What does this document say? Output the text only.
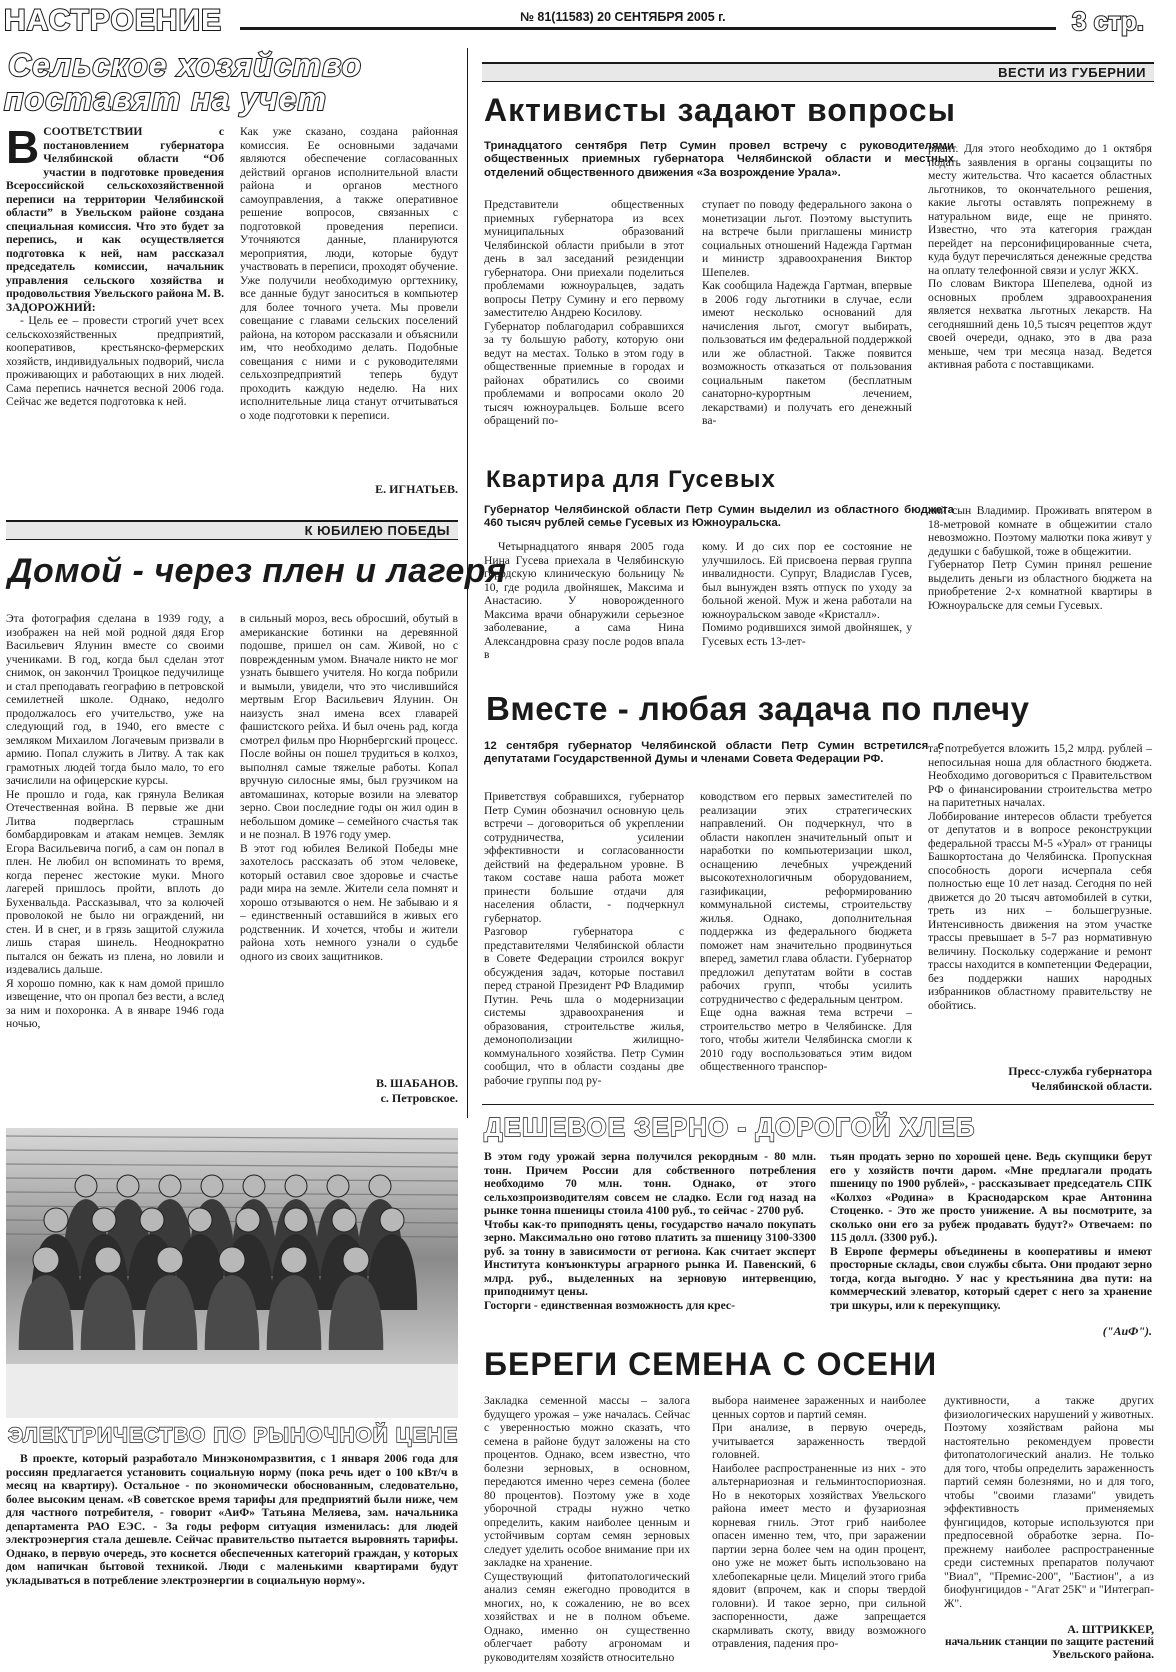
НАСТРОЕНИЕ	№ 81(11583) 20 СЕНТЯБРЯ 2005 г.	3 стр.
Сельское хозяйство
поставят на учет
В СООТВЕТСТВИИ с постановлением губернатора Челябинской области “Об участии в подготовке проведения Всероссийской сельскохозяйственной переписи на территории Челябинской области” в Увельском районе создана специальная комиссия. Что это будет за перепись, и как осуществляется подготовка к ней, нам рассказал председатель комиссии, начальник управления сельского хозяйства и продовольствия Увельского района М. В. ЗАДОРОЖНИЙ:

- Цель ее – провести строгий учет всех сельскохозяйственных предприятий, кооперативов, крестьянско-фермерских хозяйств, индивидуальных подворий, числа проживающих и работающих в них людей. Сама перепись начнется весной 2006 года. Сейчас же ведется подготовка к ней.

Как уже сказано, создана районная комиссия. Ее основными задачами являются обеспечение согласованных действий органов исполнительной власти района и органов местного самоуправления, а также оперативное решение вопросов, связанных с подготовкой проведения переписи. Уточняются данные, планируются мероприятия, люди, которые будут участвовать в переписи, проходят обучение. Уже получили необходимую оргтехнику, все данные будут заноситься в компьютер для более точного учета. Мы провели совещание с главами сельских поселений района, на котором рассказали и объяснили им, что необходимо делать. Подобные совещания с ними и с руководителями сельхозпредприятий теперь будут проходить каждую неделю. На них исполнительные лица станут отчитываться о ходе подготовки к переписи.
Е. ИГНАТЬЕВ.
ВЕСТИ ИЗ ГУБЕРНИИ
Активисты задают вопросы
Тринадцатого сентября Петр Сумин провел встречу с руководителями общественных приемных губернатора Челябинской области и местных отделений общественного движения «За возрождение Урала».
Представители общественных приемных губернатора из всех муниципальных образований Челябинской области прибыли в этот день в зал заседаний резиденции губернатора. Они приехали поделиться проблемами южноуральцев, задать вопросы Петру Сумину и его первому заместителю Андрею Косилову.
Губернатор поблагодарил собравшихся за ту большую работу, которую они ведут на местах. Только в этом году в общественные приемные в городах и районах обратились со своими проблемами и вопросами около 20 тысяч южноуральцев. Больше всего обращений по-
ступает по поводу федерального закона о монетизации льгот. Поэтому выступить на встрече были приглашены министр социальных отношений Надежда Гартман и министр здравоохранения Виктор Шепелев.
Как сообщила Надежда Гартман, впервые в 2006 году льготники в случае, если имеют несколько оснований для начисления льгот, смогут выбирать, пользоваться им федеральной поддержкой или же областной. Также появится возможность отказаться от пользования социальным пакетом (бесплатным санаторно-курортным лечением, лекарствами) и получать его денежный ва-
риант. Для этого необходимо до 1 октября подать заявления в органы соцзащиты по месту жительства. Что касается областных льготников, то окончательного решения, какие льготы оставлять попрежнему в натуральном виде, еще не принято. Известно, что эта категория граждан перейдет на персонифицированные счета, куда будут перечисляться денежные средства на оплату телефонной связи и услуг ЖКХ.
По словам Виктора Шепелева, одной из основных проблем здравоохранения является нехватка льготных лекарств. На сегодняшний день 10,5 тысяч рецептов ждут своей очереди, однако, это в два раза меньше, чем три месяца назад. Ведется активная работа с поставщиками.
Квартира для Гусевых
Губернатор Челябинской области Петр Сумин выделил из областного бюджета 460 тысяч рублей семье Гусевых из Южноуральска.
Четырнадцатого января 2005 года Нина Гусева приехала в Челябинскую городскую клиническую больницу № 10, где родила двойняшек, Максима и Анастасию. У новорожденного Максима врачи обнаружили серьезное заболевание, а сама Нина Александровна сразу после родов впала в
кому. И до сих пор ее состояние не улучшилось. Ей присвоена первая группа инвалидности. Супруг, Владислав Гусев, был вынужден взять отпуск по уходу за больной женой. Муж и жена работали на южноуральском заводе «Кристалл».
Помимо родившихся зимой двойняшек, у Гусевых есть 13-лет-
ний сын Владимир. Проживать впятером в 18-метровой комнате в общежитии стало невозможно. Поэтому малютки пока живут у дедушки с бабушкой, тоже в общежитии.
Губернатор Петр Сумин принял решение выделить деньги из областного бюджета на приобретение 2-х комнатной квартиры в Южноуральске для семьи Гусевых.
К ЮБИЛЕЮ ПОБЕДЫ
Домой - через плен и лагеря
Эта фотография сделана в 1939 году, а изображен на ней мой родной дядя Егор Васильевич Ялунин вместе со своими учениками. В год, когда был сделан этот снимок, он закончил Троицкое педучилище и стал преподавать географию в петровской семилетней школе. Однако, недолго продолжалось его учительство, уже на следующий год, в 1940, его вместе с земляком Михаилом Логачевым призвали в армию. Попал служить в Литву. А так как грамотных людей тогда было мало, то его зачислили на офицерские курсы.
Не прошло и года, как грянула Великая Отечественная война. В первые же дни Литва подверглась страшным бомбардировкам и атакам немцев. Земляк Егора Васильевича погиб, а сам он попал в плен. Не любил он вспоминать то время, когда перенес жестокие муки. Много лагерей пришлось пройти, вплоть до Бухенвальда. Рассказывал, что за колючей проволокой не было ни ограждений, ни стен. И в снег, и в грязь защитой служила лишь старая шинель. Неоднократно пытался он бежать из плена, но ловили и издевались дальше.
Я хорошо помню, как к нам домой пришло извещение, что он пропал без вести, а вслед за ним и похоронка. А в январе 1946 года ночью,
в сильный мороз, весь обросший, обутый в американские ботинки на деревянной подошве, пришел он сам. Живой, но с поврежденным умом. Вначале никто не мог узнать бывшего учителя. Но когда побрили и вымыли, увидели, что это числившийся мертвым Егор Васильевич Ялунин. Он наизусть знал имена всех главарей фашистского рейха. И был очень рад, когда смотрел фильм про Нюрнбергский процесс.
После войны он пошел трудиться в колхоз, выполнял самые тяжелые работы. Копал вручную силосные ямы, был грузчиком на автомашинах, которые возили на элеватор зерно. Свои последние годы он жил один в небольшом домике – семейного счастья так и не познал. В 1976 году умер.
В этот год юбилея Великой Победы мне захотелось рассказать об этом человеке, который оставил свое здоровье и счастье ради мира на земле. Жители села помнят и хорошо отзываются о нем. Не забываю и я – единственный оставшийся в живых его родственник. И хочется, чтобы и жители района хоть немного узнали о судьбе одного из своих защитников.
В. ШАБАНОВ.
с. Петровское.
Вместе - любая задача по плечу
12 сентября губернатор Челябинской области Петр Сумин встретился с депутатами Государственной Думы и членами Совета Федерации РФ.
Приветствуя собравшихся, губернатор Петр Сумин обозначил основную цель встречи – договориться об укреплении сотрудничества, усилении эффективности и согласованности действий на федеральном уровне. В таком составе наша работа может принести большие отдачи для населения области, - подчеркнул губернатор.
Разговор губернатора с представителями Челябинской области в Совете Федерации строился вокруг обсуждения задач, которые поставил перед страной Президент РФ Владимир Путин. Речь шла о модернизации системы здравоохранения и образования, строительстве жилья, демонополизации жилищно-коммунального хозяйства. Петр Сумин сообщил, что в области созданы две рабочие группы под ру-
ководством его первых заместителей по реализации этих стратегических направлений. Он подчеркнул, что в области накоплен значительный опыт и наработки по компьютеризации школ, оснащению лечебных учреждений высокотехнологичным оборудованием, газификации, реформированию коммунальной системы, строительству жилья. Однако, дополнительная поддержка из федерального бюджета поможет нам значительно продвинуться вперед, заметил глава области. Губернатор предложил депутатам войти в состав рабочих групп, чтобы усилить сотрудничество с федеральным центром.
Еще одна важная тема встречи – строительство метро в Челябинске. Для того, чтобы жители Челябинска смогли к 2010 году воспользоваться этим видом общественного транспор-
та, потребуется вложить 15,2 млрд. рублей – непосильная ноша для областного бюджета. Необходимо договориться с Правительством РФ о финансировании строительства метро на паритетных началах.
Лоббирование интересов области требуется от депутатов и в вопросе реконструкции федеральной трассы М-5 «Урал» от границы Башкортостана до Челябинска. Пропускная способность дороги исчерпала себя полностью еще 10 лет назад. Сегодня по ней движется до 20 тысяч автомобилей в сутки, треть из них – большегрузные. Интенсивность движения на этом участке трассы превышает в 5-7 раз нормативную величину. Поскольку содержание и ремонт трассы находится в компетенции Федерации, без поддержки наших народных избранников областному правительству не обойтись.
Пресс-служба губернатора
Челябинской области.
ЭЛЕКТРИЧЕСТВО ПО РЫНОЧНОЙ ЦЕНЕ

В проекте, который разработало Минэкономразвития, с 1 января 2006 года для россиян предлагается установить социальную норму (пока речь идет о 100 кВт/ч в месяц на квартиру). Остальное - по экономически обоснованным, следовательно, более высоким ценам. «В советское время тарифы для предприятий были ниже, чем для частного потребителя, - говорит «АиФ» Татьяна Меляева, зам. начальника департамента РАО ЕЭС. - За годы реформ ситуация изменилась: для людей электроэнергия стала дешевле. Сейчас правительство пытается выровнять тарифы. Однако, в первую очередь, это коснется обеспеченных категорий граждан, у которых дом напичкан бытовой техникой. Люди с маленькими квартирами будут укладываться в потребление электроэнергии в социальную норму».

ДЕШЕВОЕ ЗЕРНО - ДОРОГОЙ ХЛЕБ
В этом году урожай зерна получился рекордным - 80 млн. тонн. Причем России для собственного потребления необходимо 70 млн. тонн. Однако, от этого сельхозпроизводителям совсем не сладко. Если год назад на рынке тонна пшеницы стоила 4100 руб., то сейчас - 2700 руб.
Чтобы как-то приподнять цены, государство начало покупать зерно. Максимально оно готово платить за пшеницу 3100-3300 руб. за тонну в зависимости от региона. Как считает эксперт Института конъюнктуры аграрного рынка И. Павенский, 6 млрд. руб., выделенных на зерновую интервенцию, приподнимут цены.
Госторги - единственная возможность для крес-
тьян продать зерно по хорошей цене. Ведь скупщики берут его у хозяйств почти даром. «Мне предлагали продать пшеницу по 1900 рублей», - рассказывает председатель СПК «Колхоз «Родина» в Краснодарском крае Антонина Стоценко. - Это же просто унижение. А вы посмотрите, за сколько они его за рубеж продавать будут?» Отвечаем: по 115 долл. (3300 руб.).
В Европе фермеры объединены в кооперативы и имеют просторные склады, свои службы сбыта. Они продают зерно тогда, когда выгодно. У нас у крестьянина два пути: на коммерческий элеватор, который сдерет с него за хранение три шкуры, или к перекупщику.
("АиФ").
БЕРЕГИ СЕМЕНА С ОСЕНИ
Закладка семенной массы – залога будущего урожая – уже началась. Сейчас с уверенностью можно сказать, что семена в районе будут заложены на сто процентов. Однако, всем известно, что болезни зерновых, в основном, передаются именно через семена (более 80 процентов). Поэтому уже в ходе уборочной страды нужно четко определить, каким наиболее ценным и устойчивым сортам семян зерновых следует уделить особое внимание при их закладке на хранение.
Существующий фитопатологический анализ семян ежегодно проводится в многих, но, к сожалению, не во всех хозяйствах и не в полном объеме. Однако, именно он существенно облегчает работу агрономам и руководителям хозяйств относительно
выбора наименее зараженных и наиболее ценных сортов и партий семян.
При анализе, в первую очередь, учитывается зараженность твердой головней.
Наиболее распространенные из них - это альтернариозная и гельминтоспориозная. Но в некоторых хозяйствах Увельского района имеет место и фузариозная корневая гниль. Этот гриб наиболее опасен именно тем, что, при заражении партии зерна более чем на один процент, оно уже не может быть использовано на хлебопекарные цели. Мицелий этого гриба ядовит (впрочем, как и споры твердой головни). И такое зерно, при сильной заспоренности, даже запрещается скармливать скоту, ввиду возможного отравления, падения про-
дуктивности, а также других физиологических нарушений у животных.
Поэтому хозяйствам района мы настоятельно рекомендуем провести фитопатологический анализ. Не только для того, чтобы определить зараженность партий семян болезнями, но и для того, чтобы "своими глазами" увидеть эффективность применяемых фунгицидов, которые используются при предпосевной обработке зерна. По-прежнему наиболее распространенные среди системных препаратов получают "Виал", "Премис-200", "Бастион", а из биофунгицидов - "Агат 25К" и "Интеграп-Ж".
А. ШТРИККЕР,
начальник станции по защите растений Увельского района.
